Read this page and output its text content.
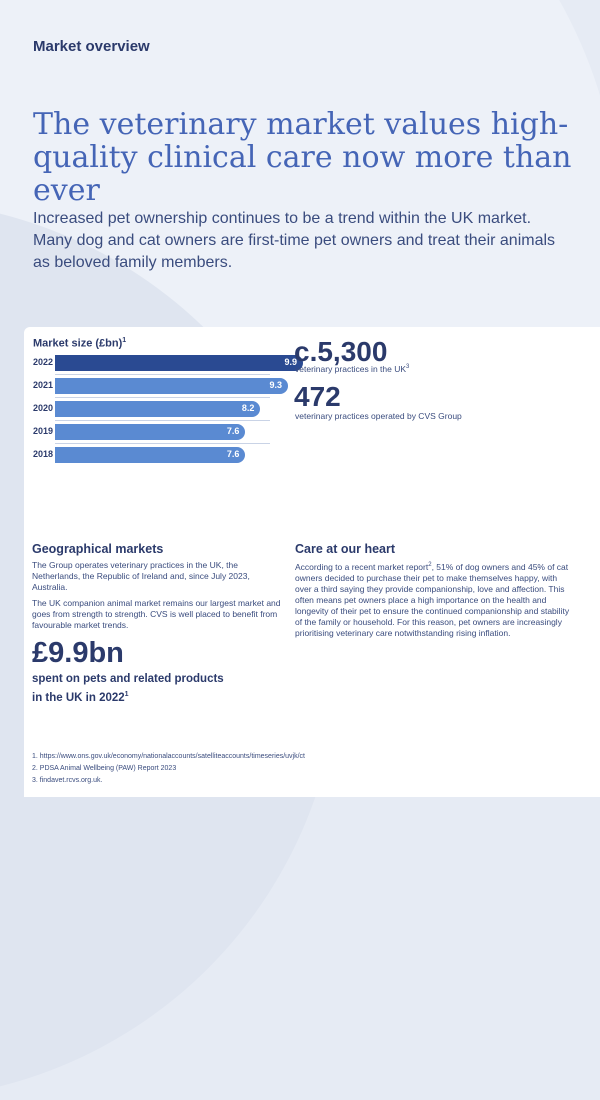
Market overview
The veterinary market values high-quality clinical care now more than ever

Increased pet ownership continues to be a trend within the UK market. Many dog and cat owners are first-time pet owners and treat their animals as beloved family members.

Market size (£bn)$^1$
2022	9.9
2021	9.3
2020	8.2
2019	7.6
2018	7.6
c.5,300
veterinary practices in the $UK^3$
472
veterinary practices operated by CVS Group
Geographical markets

The Group operates veterinary practices in the UK, the Netherlands, the Republic of Ireland and, since July 2023, Australia.

The UK companion animal market remains our largest market and goes from strength to strength. CVS is well placed to benefit from favourable market trends.

£9.9bn
spent on pets and related products in the UK in 2022$^1$
Care at our heart

According to a recent market report$^2$, 51% of dog owners and 45% of cat owners decided to purchase their pet to make themselves happy, with over a third saying they provide companionship, love and affection. This often means pet owners place a high importance on the health and longevity of their pet to ensure the continued companionship and stability of the family or household. For this reason, pet owners are increasingly prioritising veterinary care notwithstanding rising inflation.

1. https://www.ons.gov.uk/economy/nationalaccounts/satelliteaccounts/timeseries/uvjk/ct
2. PDSA Animal Wellbeing (PAW) Report 2023
3. findavet.rcvs.org.uk.
